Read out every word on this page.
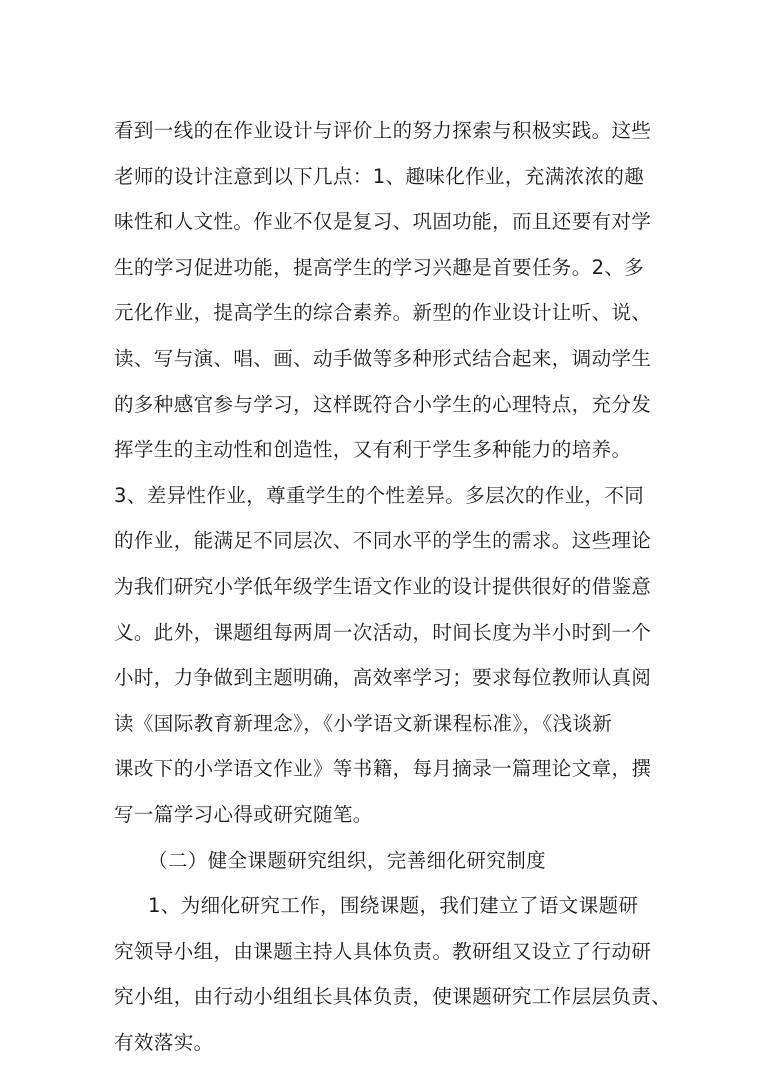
看到一线的在作业设计与评价上的努力探索与积极实践。这些
老师的设计注意到以下几点：1、趣味化作业，充满浓浓的趣
味性和人文性。作业不仅是复习、巩固功能，而且还要有对学
生的学习促进功能，提高学生的学习兴趣是首要任务。2、多
元化作业，提高学生的综合素养。新型的作业设计让听、说、
读、写与演、唱、画、动手做等多种形式结合起来，调动学生
的多种感官参与学习，这样既符合小学生的心理特点，充分发
挥学生的主动性和创造性，又有利于学生多种能力的培养。
3、差异性作业，尊重学生的个性差异。多层次的作业，不同
的作业，能满足不同层次、不同水平的学生的需求。这些理论
为我们研究小学低年级学生语文作业的设计提供很好的借鉴意
义。此外，课题组每两周一次活动，时间长度为半小时到一个
小时，力争做到主题明确，高效率学习；要求每位教师认真阅
读《国际教育新理念》，《小学语文新课程标准》，《浅谈新
课改下的小学语文作业》等书籍，每月摘录一篇理论文章，撰
写一篇学习心得或研究随笔。
（二）健全课题研究组织，完善细化研究制度
1、为细化研究工作，围绕课题，我们建立了语文课题研
究领导小组，由课题主持人具体负责。教研组又设立了行动研
究小组，由行动小组组长具体负责，使课题研究工作层层负责、
有效落实。
